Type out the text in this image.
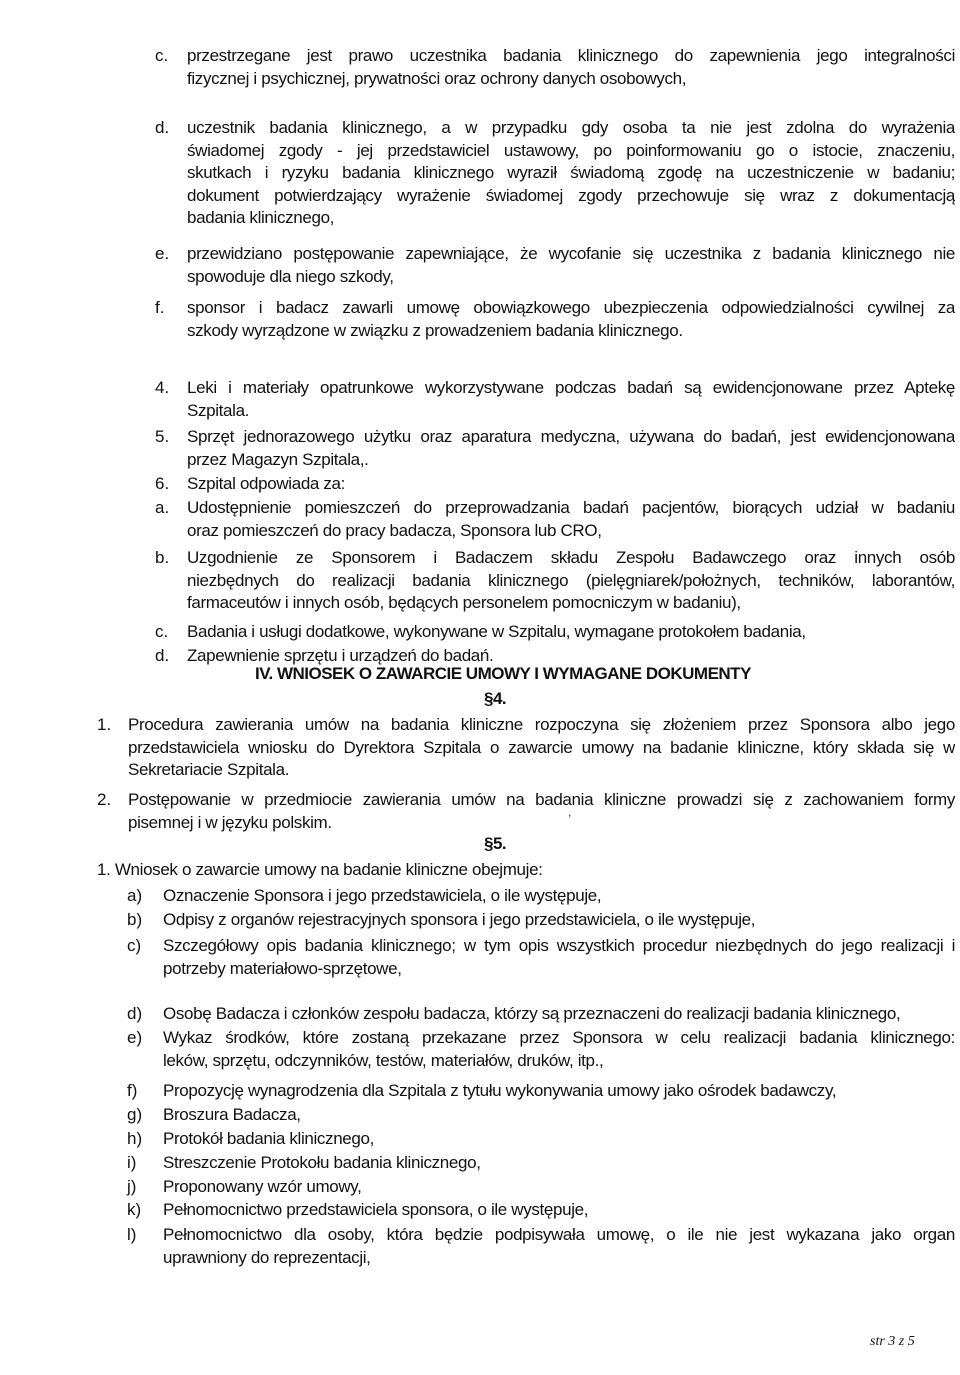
c. przestrzegane jest prawo uczestnika badania klinicznego do zapewnienia jego integralności
fizycznej i psychicznej, prywatności oraz ochrony danych osobowych,
d. uczestnik badania klinicznego, a w przypadku gdy osoba ta nie jest zdolna do wyrażenia
świadomej zgody - jej przedstawiciel ustawowy, po poinformowaniu go o istocie, znaczeniu,
skutkach i ryzyku badania klinicznego wyraził świadomą zgodę na uczestniczenie w badaniu;
dokument potwierdzający wyrażenie świadomej zgody przechowuje się wraz z dokumentacją
badania klinicznego,
e. przewidziano postępowanie zapewniające, że wycofanie się uczestnika z badania klinicznego nie
spowoduje dla niego szkody,
f. sponsor i badacz zawarli umowę obowiązkowego ubezpieczenia odpowiedzialności cywilnej za
szkody wyrządzone w związku z prowadzeniem badania klinicznego.
4. Leki i materiały opatrunkowe wykorzystywane podczas badań są ewidencjonowane przez Aptekę
Szpitala.
5. Sprzęt jednorazowego użytku oraz aparatura medyczna, używana do badań, jest ewidencjonowana
przez Magazyn Szpitala,.
6. Szpital odpowiada za:
a. Udostępnienie pomieszczeń do przeprowadzania badań pacjentów, biorących udział w badaniu
oraz pomieszczeń do pracy badacza, Sponsora lub CRO,
b. Uzgodnienie ze Sponsorem i Badaczem składu Zespołu Badawczego oraz innych osób
niezbędnych do realizacji badania klinicznego (pielęgniarek/położnych, techników, laborantów,
farmaceutów i innych osób, będących personelem pomocniczym w badaniu),
c. Badania i usługi dodatkowe, wykonywane w Szpitalu, wymagane protokołem badania,
d. Zapewnienie sprzętu i urządzeń do badań.
1. Procedura zawierania umów na badania kliniczne rozpoczyna się złożeniem przez Sponsora albo jego
przedstawiciela wniosku do Dyrektora Szpitala o zawarcie umowy na badanie kliniczne, który składa się w
Sekretariacie Szpitala.
2. Postępowanie w przedmiocie zawierania umów na badania kliniczne prowadzi się z zachowaniem formy
pisemnej i w języku polskim.
a) Oznaczenie Sponsora i jego przedstawiciela, o ile występuje,
b) Odpisy z organów rejestracyjnych sponsora i jego przedstawiciela, o ile występuje,
c) Szczegółowy opis badania klinicznego; w tym opis wszystkich procedur niezbędnych do jego realizacji i
potrzeby materiałowo-sprzętowe,
d) Osobę Badacza i członków zespołu badacza, którzy są przeznaczeni do realizacji badania klinicznego,
e) Wykaz środków, które zostaną przekazane przez Sponsora w celu realizacji badania klinicznego:
leków, sprzętu, odczynników, testów, materiałów, druków, itp.,
f) Propozycję wynagrodzenia dla Szpitala z tytułu wykonywania umowy jako ośrodek badawczy,
g) Broszura Badacza,
h) Protokół badania klinicznego,
i) Streszczenie Protokołu badania klinicznego,
j) Proponowany wzór umowy,
k) Pełnomocnictwo przedstawiciela sponsora, o ile występuje,
l) Pełnomocnictwo dla osoby, która będzie podpisywała umowę, o ile nie jest wykazana jako organ
uprawniony do reprezentacji,
IV. WNIOSEK O ZAWARCIE UMOWY I WYMAGANE DOKUMENTY
§4.
§5.
1. Wniosek o zawarcie umowy na badanie kliniczne obejmuje:
,
str 3 z 5
